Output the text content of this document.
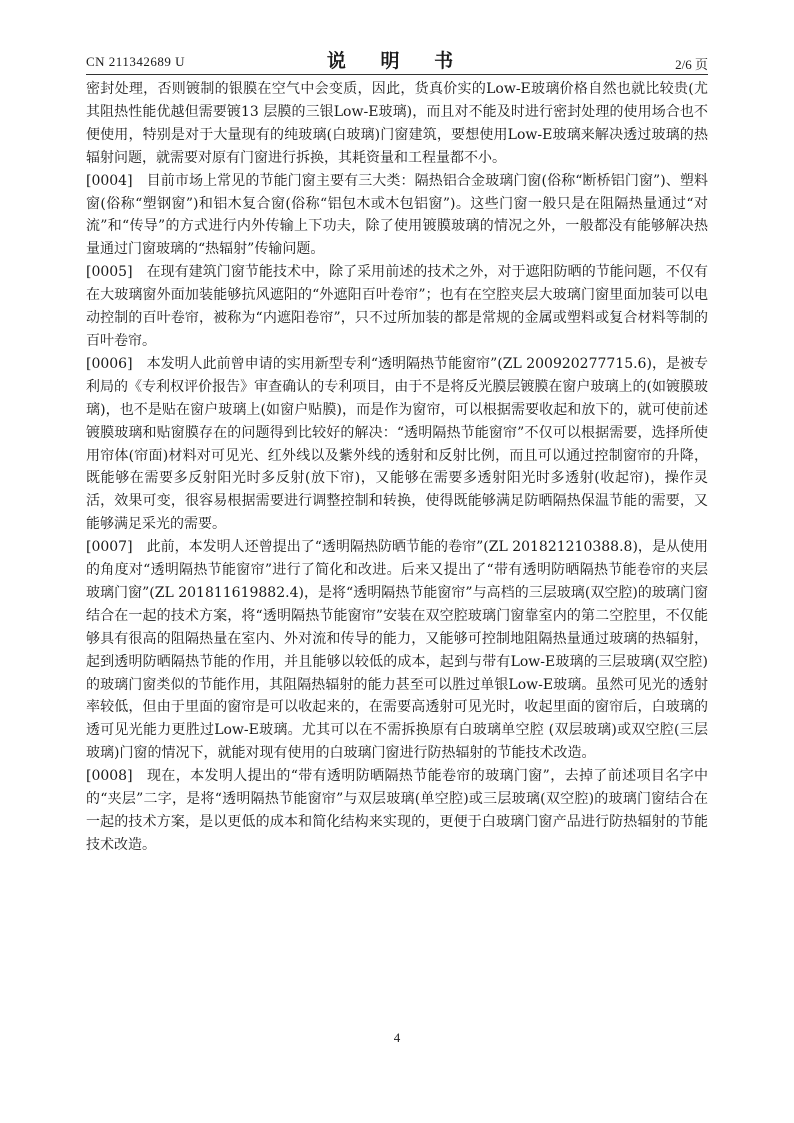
CN 211342689 U	说 明 书	2/6 页

密封处理，否则镀制的银膜在空气中会变质，因此，货真价实的Low-E玻璃价格自然也就比较贵(尤其阻热性能优越但需要镀13 层膜的三银Low-E玻璃)，而且对不能及时进行密封处理的使用场合也不便使用，特别是对于大量现有的纯玻璃(白玻璃)门窗建筑，要想使用Low-E玻璃来解决透过玻璃的热辐射问题，就需要对原有门窗进行拆换，其耗资量和工程量都不小。

[0004] 目前市场上常见的节能门窗主要有三大类：隔热铝合金玻璃门窗(俗称“断桥铝门窗”)、塑料窗(俗称“塑钢窗”)和铝木复合窗(俗称“铝包木或木包铝窗”)。这些门窗一般只是在阻隔热量通过“对流”和“传导”的方式进行内外传输上下功夫，除了使用镀膜玻璃的情况之外，一般都没有能够解决热量通过门窗玻璃的“热辐射”传输问题。

[0005] 在现有建筑门窗节能技术中，除了采用前述的技术之外，对于遮阳防晒的节能问题，不仅有在大玻璃窗外面加装能够抗风遮阳的“外遮阳百叶卷帘”；也有在空腔夹层大玻璃门窗里面加装可以电动控制的百叶卷帘，被称为“内遮阳卷帘”，只不过所加装的都是常规的金属或塑料或复合材料等制的百叶卷帘。

[0006] 本发明人此前曾申请的实用新型专利“透明隔热节能窗帘”(ZL 200920277715.6)，是被专利局的《专利权评价报告》审查确认的专利项目，由于不是将反光膜层镀膜在窗户玻璃上的(如镀膜玻璃)，也不是贴在窗户玻璃上(如窗户贴膜)，而是作为窗帘，可以根据需要收起和放下的，就可使前述镀膜玻璃和贴窗膜存在的问题得到比较好的解决：“透明隔热节能窗帘”不仅可以根据需要，选择所使用帘体(帘面)材料对可见光、红外线以及紫外线的透射和反射比例，而且可以通过控制窗帘的升降，既能够在需要多反射阳光时多反射(放下帘)，又能够在需要多透射阳光时多透射(收起帘)，操作灵活，效果可变，很容易根据需要进行调整控制和转换，使得既能够满足防晒隔热保温节能的需要，又能够满足采光的需要。

[0007] 此前，本发明人还曾提出了“透明隔热防晒节能的卷帘”(ZL 201821210388.8)，是从使用的角度对“透明隔热节能窗帘”进行了简化和改进。后来又提出了“带有透明防晒隔热节能卷帘的夹层玻璃门窗”(ZL 201811619882.4)，是将“透明隔热节能窗帘”与高档的三层玻璃(双空腔)的玻璃门窗结合在一起的技术方案，将“透明隔热节能窗帘”安装在双空腔玻璃门窗靠室内的第二空腔里，不仅能够具有很高的阻隔热量在室内、外对流和传导的能力，又能够可控制地阻隔热量通过玻璃的热辐射，起到透明防晒隔热节能的作用，并且能够以较低的成本，起到与带有Low-E玻璃的三层玻璃(双空腔)的玻璃门窗类似的节能作用，其阻隔热辐射的能力甚至可以胜过单银Low-E玻璃。虽然可见光的透射率较低，但由于里面的窗帘是可以收起来的，在需要高透射可见光时，收起里面的窗帘后，白玻璃的透可见光能力更胜过Low-E玻璃。尤其可以在不需拆换原有白玻璃单空腔 (双层玻璃)或双空腔(三层玻璃)门窗的情况下，就能对现有使用的白玻璃门窗进行防热辐射的节能技术改造。

[0008] 现在，本发明人提出的“带有透明防晒隔热节能卷帘的玻璃门窗”，去掉了前述项目名字中的“夹层”二字，是将“透明隔热节能窗帘”与双层玻璃(单空腔)或三层玻璃(双空腔)的玻璃门窗结合在一起的技术方案，是以更低的成本和简化结构来实现的，更便于白玻璃门窗产品进行防热辐射的节能技术改造。

4
